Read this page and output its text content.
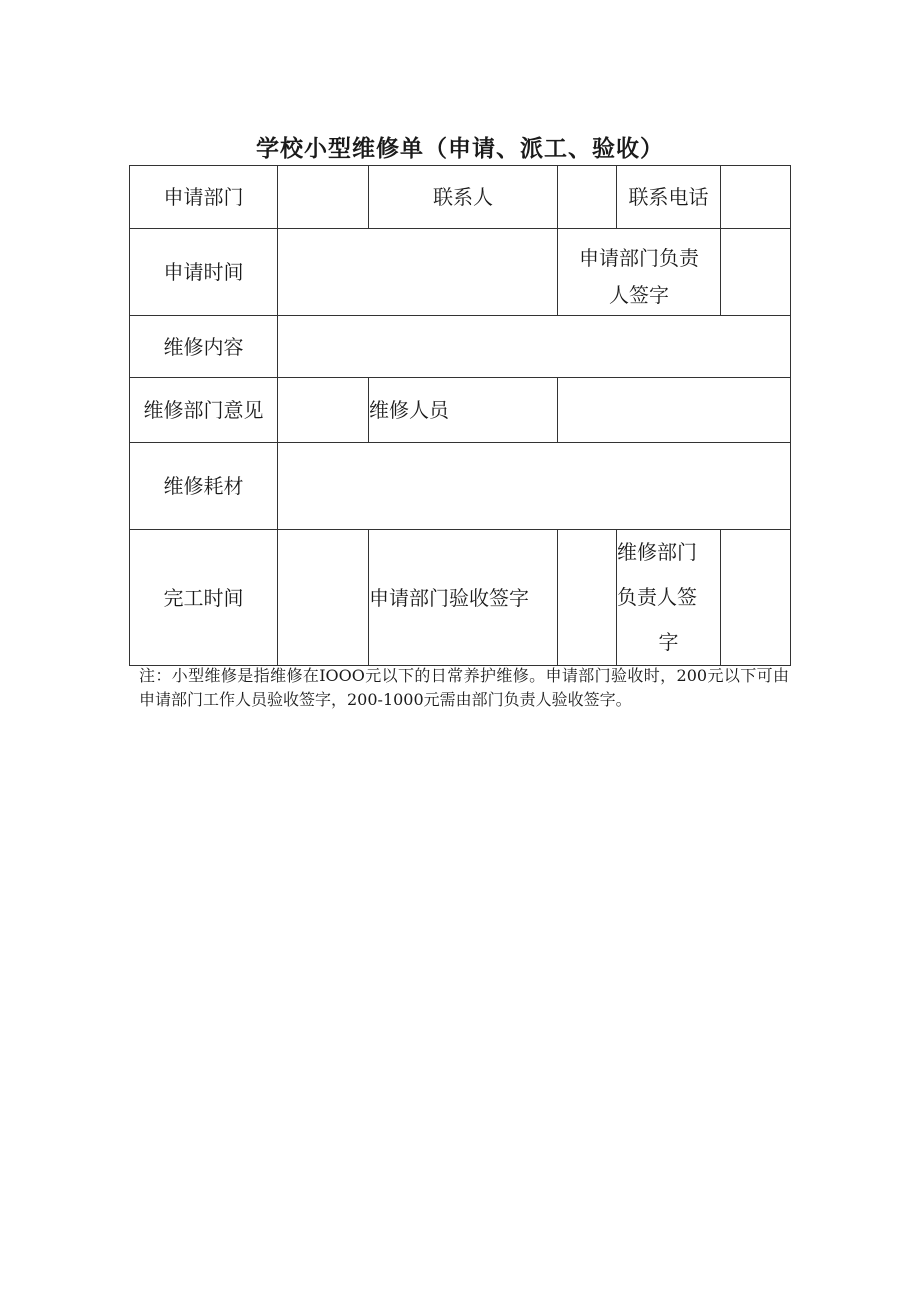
学校小型维修单（申请、派工、验收）
申请部门		联系人		联系电话	
申请时间			申请部门负责
人签字		

维修内容					
维修部门意见		维修人员			
维修耗材					
完工时间		申请部门验收签字		维修部门
负责人签
字	

注：小型维修是指维修在IOOO元以下的日常养护维修。申请部门验收时，200元以下可由申请部门工作人员验收签字，200-1000元需由部门负责人验收签字。
